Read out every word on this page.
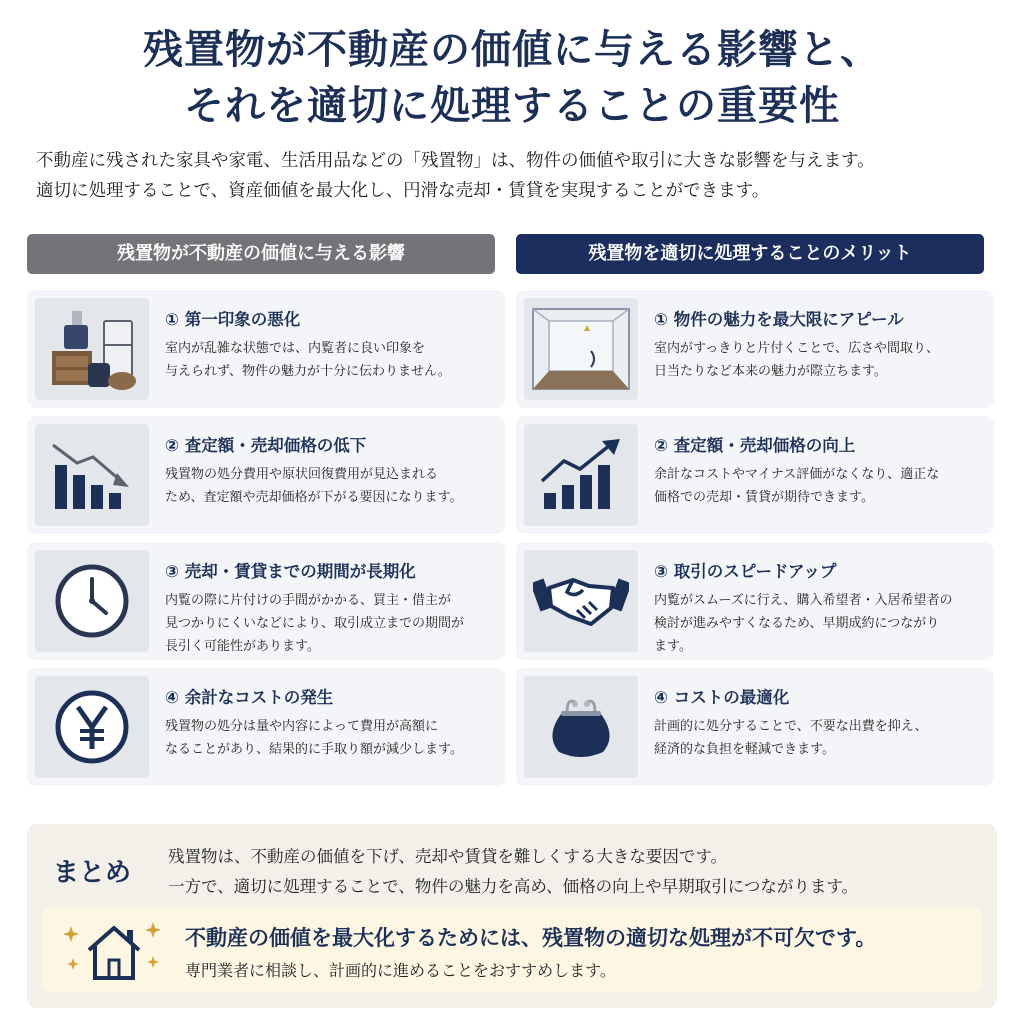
残置物が不動産の価値に与える影響と、
それを適切に処理することの重要性
不動産に残された家具や家電、生活用品などの「残置物」は、物件の価値や取引に大きな影響を与えます。
適切に処理することで、資産価値を最大化し、円滑な売却・賃貸を実現することができます。
残置物が不動産の価値に与える影響	残置物を適切に処理することのメリット
① 第一印象の悪化
室内が乱雑な状態では、内覧者に良い印象を
与えられず、物件の魅力が十分に伝わりません。
② 査定額・売却価格の低下
残置物の処分費用や原状回復費用が見込まれる
ため、査定額や売却価格が下がる要因になります。
③ 売却・賃貸までの期間が長期化
内覧の際に片付けの手間がかかる、買主・借主が
見つかりにくいなどにより、取引成立までの期間が
長引く可能性があります。
④ 余計なコストの発生
残置物の処分は量や内容によって費用が高額に
なることがあり、結果的に手取り額が減少します。
① 物件の魅力を最大限にアピール
室内がすっきりと片付くことで、広さや間取り、
日当たりなど本来の魅力が際立ちます。
② 査定額・売却価格の向上
余計なコストやマイナス評価がなくなり、適正な
価格での売却・賃貸が期待できます。
③ 取引のスピードアップ
内覧がスムーズに行え、購入希望者・入居希望者の
検討が進みやすくなるため、早期成約につながり
ます。
④ コストの最適化
計画的に処分することで、不要な出費を抑え、
経済的な負担を軽減できます。
まとめ
残置物は、不動産の価値を下げ、売却や賃貸を難しくする大きな要因です。
一方で、適切に処理することで、物件の魅力を高め、価格の向上や早期取引につながります。
不動産の価値を最大化するためには、残置物の適切な処理が不可欠です。
専門業者に相談し、計画的に進めることをおすすめします。
